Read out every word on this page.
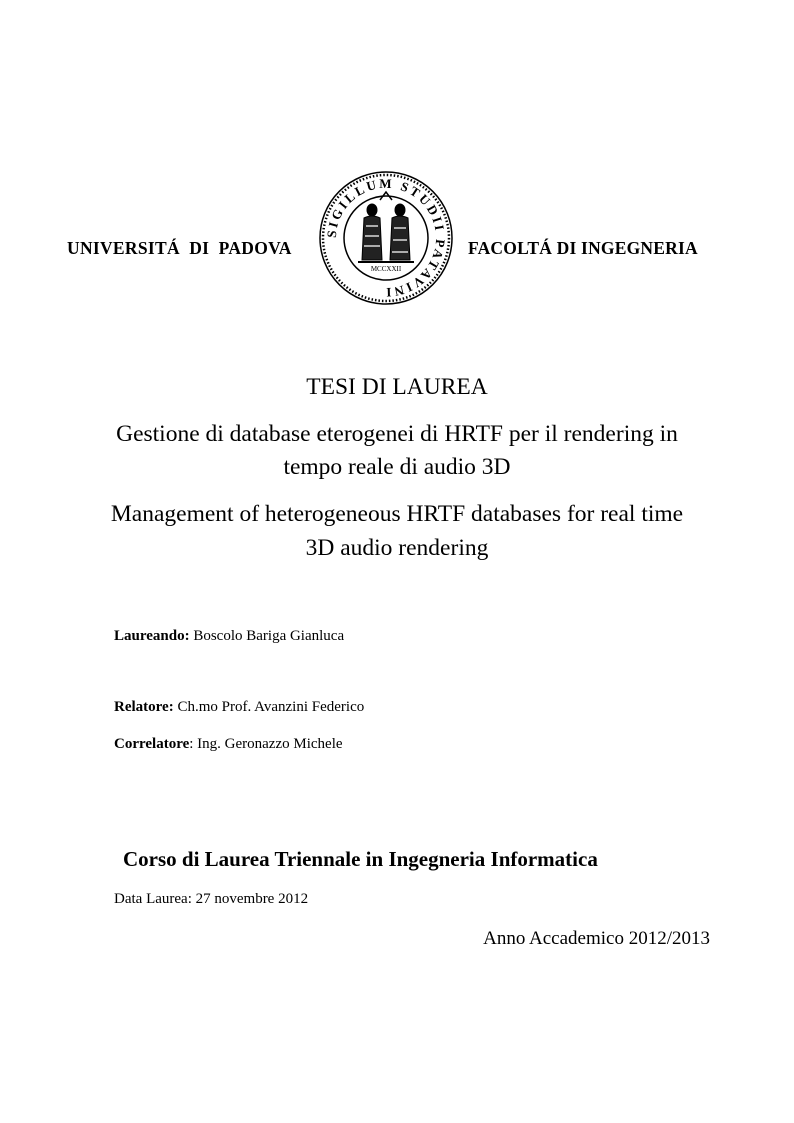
UNIVERSITÁ  DI  PADOVA
SIGILLUM STUDII PATAVINI
MCCXXII
FACOLTÁ DI INGEGNERIA
TESI DI LAUREA
Gestione di database eterogenei di HRTF per il rendering in
tempo reale di audio 3D
Management of heterogeneous HRTF databases for real time
3D audio rendering
Laureando: Boscolo Bariga Gianluca
Relatore: Ch.mo Prof. Avanzini Federico
Correlatore: Ing. Geronazzo Michele
Corso di Laurea Triennale in Ingegneria Informatica
Data Laurea: 27 novembre 2012
Anno Accademico 2012/2013
